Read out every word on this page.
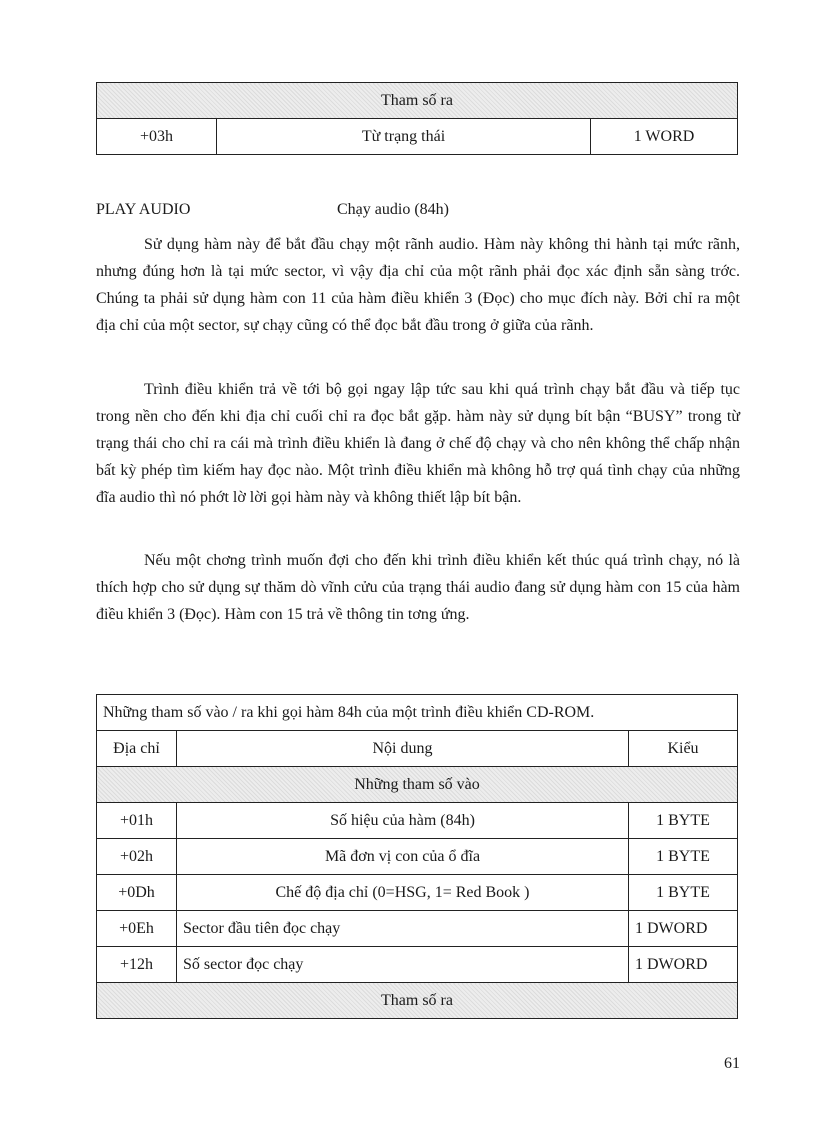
Tham số ra
+03h	Từ trạng thái	1 WORD
PLAY AUDIO	Chạy audio (84h)

Sử dụng hàm này để bắt đầu chạy một rãnh audio. Hàm này không thi hành tại mức rãnh, nhưng đúng hơn là tại mức sector, vì vậy địa chỉ của một rãnh phải đọc xác định sẵn sàng trớc. Chúng ta phải sử dụng hàm con 11 của hàm điều khiển 3 (Đọc) cho mục đích này. Bởi chỉ ra một địa chỉ của một sector, sự chạy cũng có thể đọc bắt đầu trong ở giữa của rãnh.

Trình điều khiển trả về tới bộ gọi ngay lập tức sau khi quá trình chạy bắt đầu và tiếp tục trong nền cho đến khi địa chỉ cuối chỉ ra đọc bắt gặp. hàm này sử dụng bít bận “BUSY” trong từ trạng thái cho chỉ ra cái mà trình điều khiển là đang ở chế độ chạy và cho nên không thể chấp nhận bất kỳ phép tìm kiếm hay đọc nào. Một trình điều khiển mà không hỗ trợ quá tình chạy của những đĩa audio thì nó phớt lờ lời gọi hàm này và không thiết lập bít bận.

Nếu một chơng trình muốn đợi cho đến khi trình điều khiển kết thúc quá trình chạy, nó là thích hợp cho sử dụng sự thăm dò vĩnh cửu của trạng thái audio đang sử dụng hàm con 15 của hàm điều khiển 3 (Đọc). Hàm con 15 trả về thông tin tơng ứng.

Những tham số vào / ra khi gọi hàm 84h của một trình điều khiển CD-ROM.		
Địa chỉ	Nội dung	Kiểu
Những tham số vào		
+01h	Số hiệu của hàm (84h)	1 BYTE
+02h	Mã đơn vị con của ổ đĩa	1 BYTE
+0Dh	Chế độ địa chỉ (0=HSG, 1= Red Book )	1 BYTE
+0Eh	Sector đầu tiên đọc chạy	1 DWORD
+12h	Số sector đọc chạy	1 DWORD
Tham số ra		
61
